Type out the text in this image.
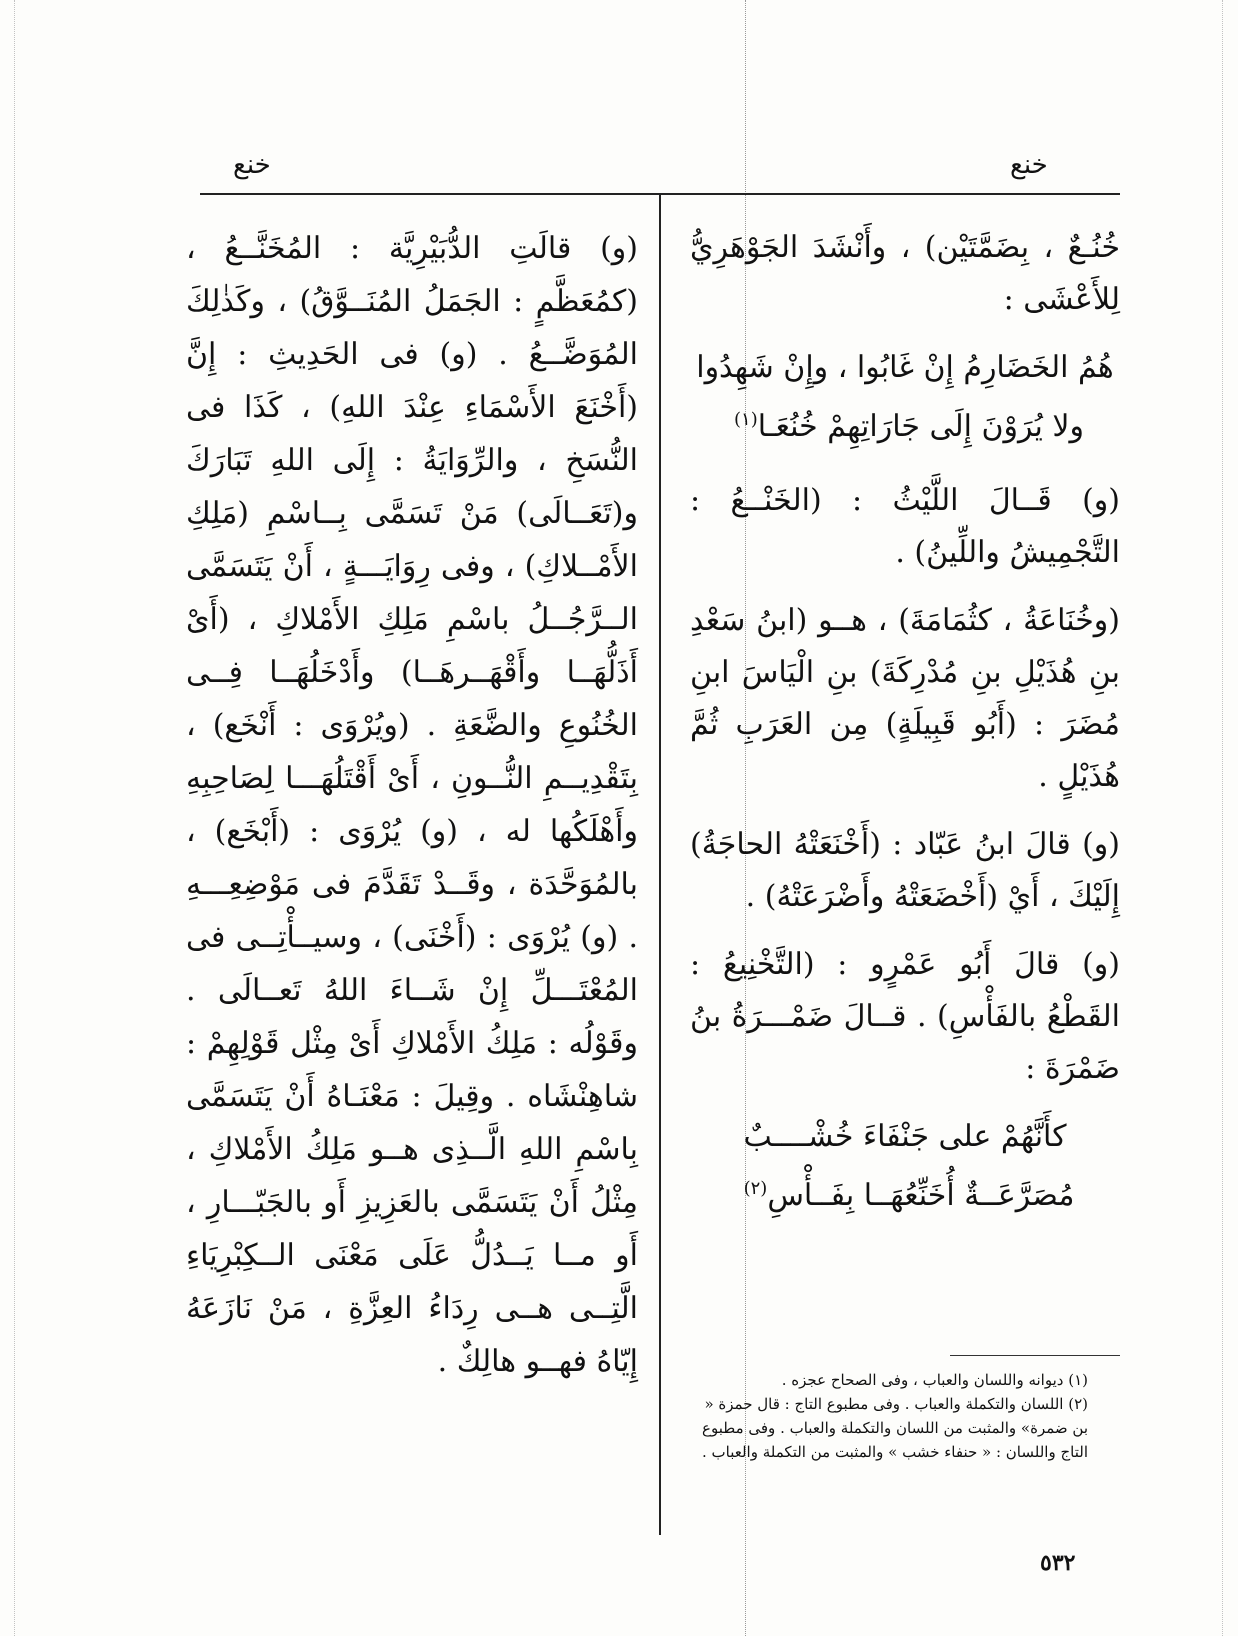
خنع
خنع

خُنُـعٌ ، بِضَمَّتَيْن) ، وأَنْشَدَ الجَوْهَرِيُّ لِلأَعْشَى :

هُمُ الخَضَارِمُ إِنْ غَابُوا ، وإِنْ شَهِدُوا
ولا يُرَوْنَ إِلَى جَارَاتِهِمْ خُنُعَـا$^{(١)}$

(و) قَــالَ اللَّيْثُ : (الخَنْــعُ : التَّجْمِيشُ واللِّينُ) .

(وخُنَاعَةُ ، كثُمَامَةَ) ، هــو (ابنُ سَعْدِ بنِ هُذَيْلِ بنِ مُدْرِكَةَ) بنِ الْيَاسَ ابنِ مُضَرَ : (أَبُو قَبِيلَةٍ) مِن العَرَبِ ثُمَّ هُذَيْلٍ .

(و) قالَ ابنُ عَبّاد : (أَخْنَعَتْهُ الحاجَةُ) إِلَيْكَ ، أَيْ (أَخْضَعَتْهُ وأَضْرَعَتْهُ) .

(و) قالَ أَبُو عَمْرٍو : (التَّخْنِيعُ : القَطْعُ بالفَأْسِ) . قــالَ ضَمْـــرَةُ بنُ ضَمْرَةَ :

كأَنَّهُمْ على جَنْفَاءَ خُشْــــبٌ
مُصَرَّعَــةٌ أُخَنِّعُهَــا بِفَــأْسِ$^{(٢)}$

(و) قالَتِ الدُّبَيْرِيَّة : المُخَنَّــعُ ، (كمُعَظَّمٍ : الجَمَلُ المُنَــوَّقُ) ، وكَذٰلِكَ المُوَضَّــعُ . (و) فى الحَدِيثِ : إِنَّ (أَخْنَعَ الأَسْمَاءِ عِنْدَ اللهِ) ، كَذَا فى النُّسَخِ ، والرِّوَايَةُ : إِلَى اللهِ تَبَارَكَ و(تَعَــالَى) مَنْ تَسَمَّى بِــاسْمِ (مَلِكِ الأَمْــلاكِ) ، وفى رِوَايَـــةٍ ، أَنْ يَتَسَمَّى الــرَّجُــلُ باسْمِ مَلِكِ الأَمْلاكِ ، (أَىْ أَذَلُّهَــا وأَقْهَــرهَــا) وأَدْخَلُهَــا فِــى الخُنُوعِ والضَّعَةِ . (ويُرْوَى : أَنْخَع) ، بِتَقْدِيــمِ النُّــونِ ، أَىْ أَقْتَلُهَـــا لِصَاحِبِهِ وأَهْلَكُها له ، (و) يُرْوَى : (أَبْخَع) ، بالمُوَحَّدَة ، وقَــدْ تَقَدَّمَ فى مَوْضِعِـــهِ . (و) يُرْوَى : (أَخْنَى) ، وسيــأْتِــى فى المُعْتَـــلِّ إِنْ شَــاءَ اللهُ تَعــالَى . وقَوْلُه : مَلِكُ الأَمْلاكِ أَىْ مِثْل قَوْلِهِمْ : شاهِنْشَاه . وقِيلَ : مَعْنَـاهُ أَنْ يَتَسَمَّى بِاسْمِ اللهِ الَّــذِى هــو مَلِكُ الأَمْلاكِ ، مِثْلُ أَنْ يَتَسَمَّى بالعَزِيزِ أَو بالجَبّـــارِ ، أَو مــا يَــدُلُّ عَلَى مَعْنَى الــكِبْرِيَاءِ الَّتِــى هــى رِدَاءُ العِزَّةِ ، مَنْ نَازَعَهُ إِيّاهُ فهــو هالِكٌ .

(١) ديوانه واللسان والعباب ، وفى الصحاح عجزه .

(٢) اللسان والتكملة والعباب . وفى مطبوع التاج : قال حمزة « بن ضمرة» والمثبت من اللسان والتكملة والعباب . وفى مطبوع التاج واللسان : « حنفاء خشب » والمثبت من التكملة والعباب .

٥٣٢
